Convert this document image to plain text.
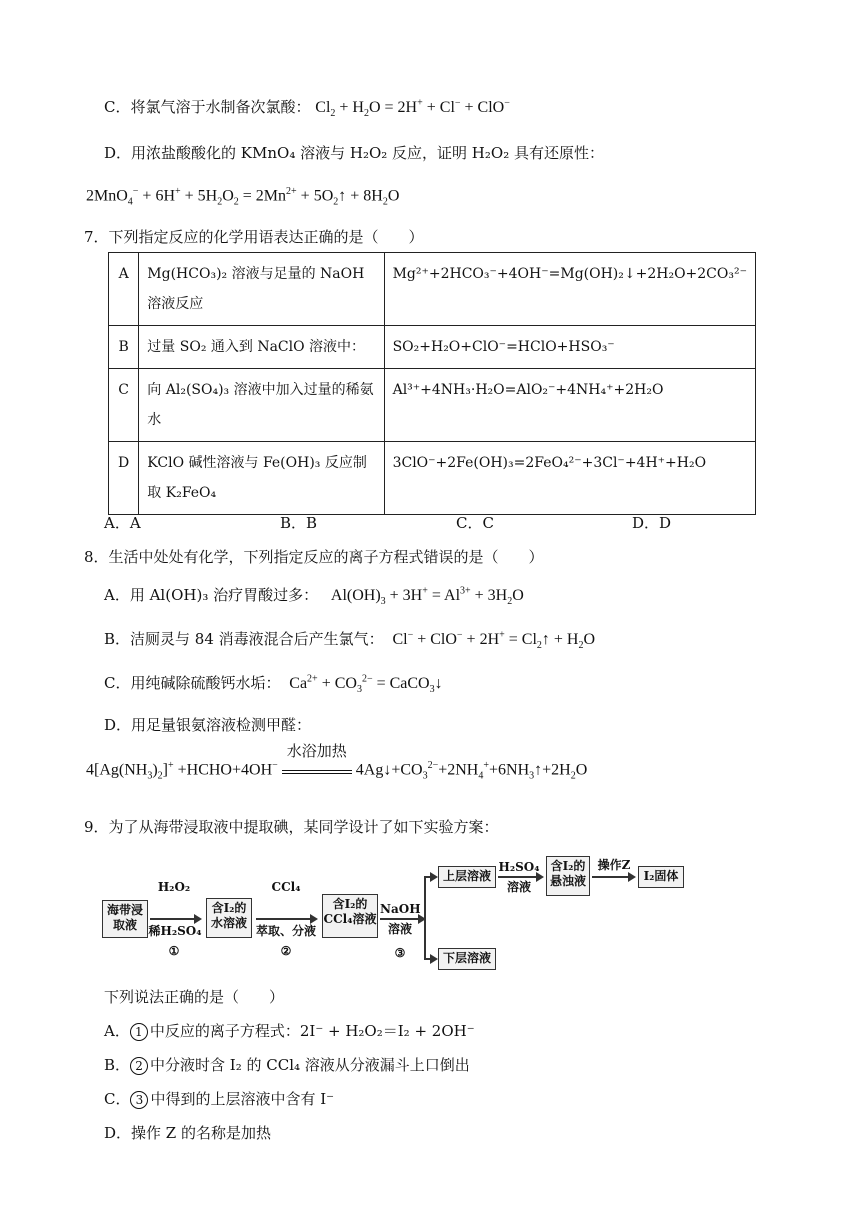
C．将氯气溶于水制备次氯酸： $Cl_2 + H_2O = 2H^+ + Cl^- + ClO^-$
D．用浓盐酸酸化的 KMnO₄ 溶液与 H₂O₂ 反应，证明 H₂O₂ 具有还原性：
$2MnO_4^- + 6H^+ + 5H_2O_2 = 2Mn^{2+}$ + $5O_2↑ + 8H_2O$
7．下列指定反应的化学用语表达正确的是（　　）
A	Mg(HCO₃)₂ 溶液与足量的 NaOH 溶液反应	Mg²⁺+2HCO₃⁻+4OH⁻=Mg(OH)₂↓+2H₂O+2CO₃²⁻
B	过量 SO₂ 通入到 NaClO 溶液中：	SO₂+H₂O+ClO⁻=HClO+HSO₃⁻
C	向 Al₂(SO₄)₃ 溶液中加入过量的稀氨水	Al³⁺+4NH₃·H₂O=AlO₂⁻+4NH₄⁺+2H₂O
D	KClO 碱性溶液与 Fe(OH)₃ 反应制取 K₂FeO₄	3ClO⁻+2Fe(OH)₃=2FeO₄²⁻+3Cl⁻+4H⁺+H₂O
A．A	B．B	C．C	D．D
8．生活中处处有化学，下列指定反应的离子方程式错误的是（　　）
A．用 Al(OH)₃ 治疗胃酸过多：   $Al(OH)_3 + 3H^+ = Al^{3+} + 3H_2O$
B．洁厕灵与 84 消毒液混合后产生氯气：  $Cl^- + ClO^- + 2H^+ = Cl_2↑ + H_2O$
C．用纯碱除硫酸钙水垢：  $Ca^{2+} + CO_3^{2-}$ = CaCO$_3$↓
D．用足量银氨溶液检测甲醛：
$4[Ag(NH_3)_2]^+$ +HCHO+4OH−
水浴加热
$4Ag↓+CO_3^{2-}+2NH_4^++6NH_3↑+2H_2O$
9．为了从海带浸取液中提取碘，某同学设计了如下实验方案：
海带浸取液
H₂O₂
稀H₂SO₄
①
含I₂的水溶液
CCl₄
萃取、分液
②
含I₂的CCl₄溶液
NaOH
溶液
③
上层溶液
下层溶液
H₂SO₄
溶液
含I₂的悬浊液
操作Z
I₂固体
下列说法正确的是（　　）
A． 1 中反应的离子方程式：2I⁻ + H₂O₂＝I₂ + 2OH⁻
B． 2 中分液时含 I₂ 的 CCl₄ 溶液从分液漏斗上口倒出
C． 3 中得到的上层溶液中含有 I⁻
D．操作 Z 的名称是加热
